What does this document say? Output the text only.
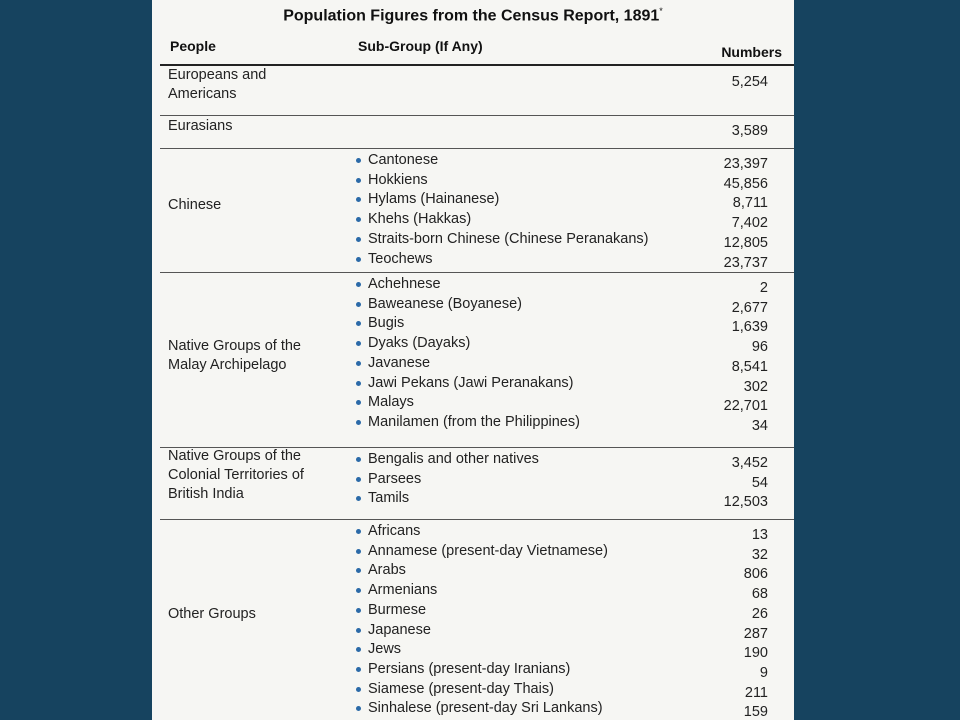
Population Figures from the Census Report, 1891*
People	Sub-Group (If Any)	Numbers
Europeans and
Americans
5,254
Eurasians	3,589
Chinese
Cantonese	23,397
Hokkiens	45,856
Hylams (Hainanese)	8,711
Khehs (Hakkas)	7,402
Straits-born Chinese (Chinese Peranakans)	12,805
Teochews	23,737
Native Groups of the
Malay Archipelago
Achehnese	2
Baweanese (Boyanese)	2,677
Bugis	1,639
Dyaks (Dayaks)	96
Javanese	8,541
Jawi Pekans (Jawi Peranakans)	302
Malays	22,701
Manilamen (from the Philippines)	34
Native Groups of the
Colonial Territories of
British India
Bengalis and other natives	3,452
Parsees	54
Tamils	12,503
Other Groups
Africans	13
Annamese (present-day Vietnamese)	32
Arabs	806
Armenians	68
Burmese	26
Japanese	287
Jews	190
Persians (present-day Iranians)	9
Siamese (present-day Thais)	211
Sinhalese (present-day Sri Lankans)	159
